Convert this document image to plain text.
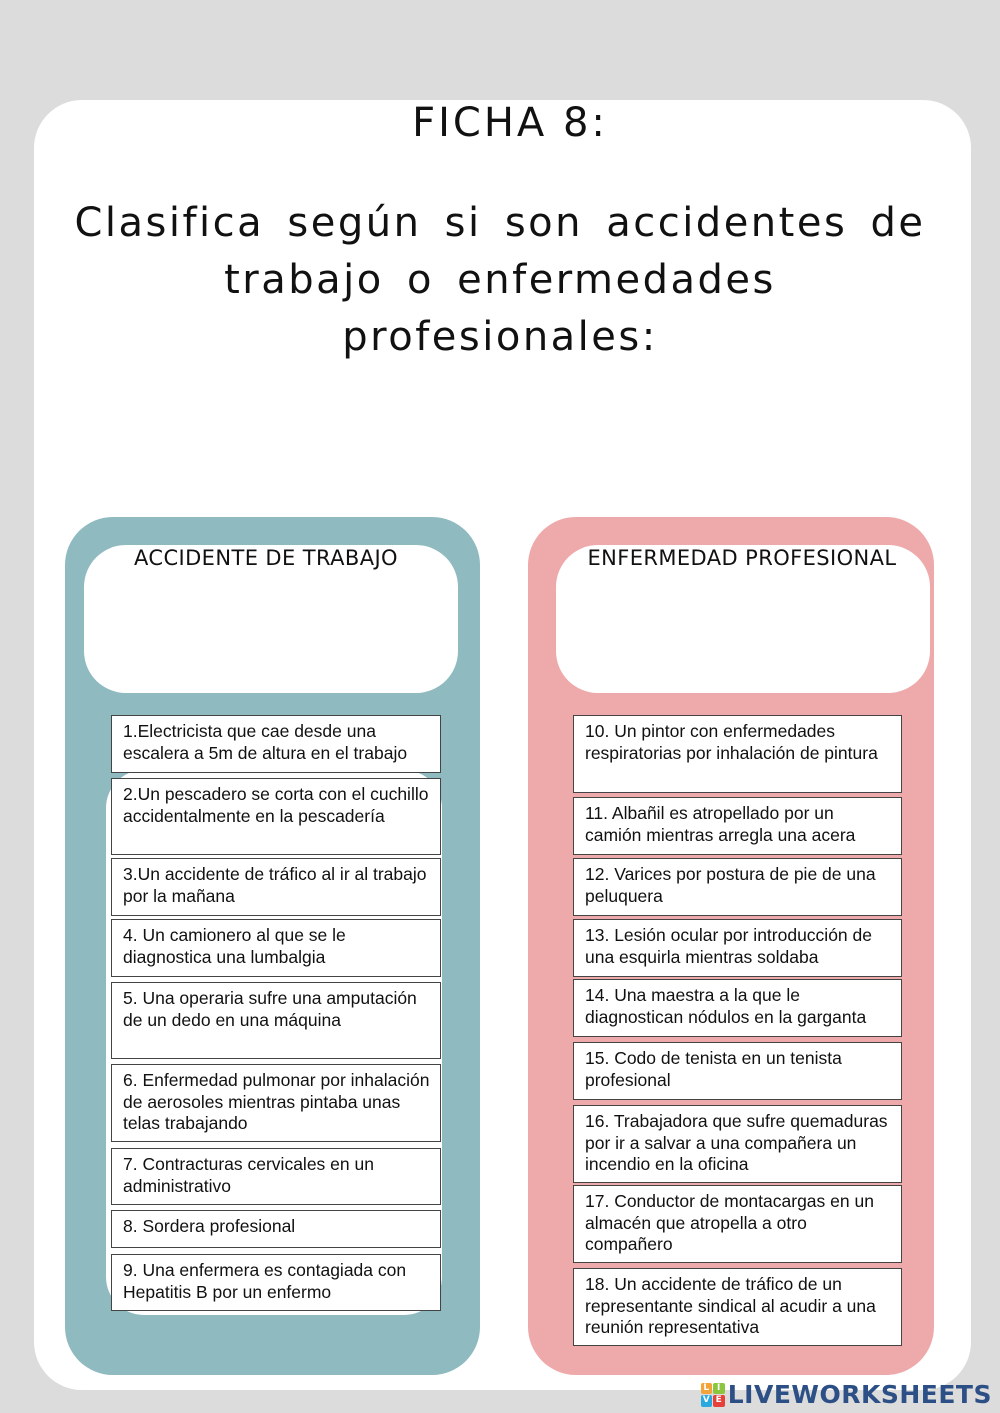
FICHA 8:

Clasifica según si son accidentes de trabajo o enfermedades profesionales:

ACCIDENTE DE TRABAJO	ENFERMEDAD PROFESIONAL
1.Electricista que cae desde una escalera a 5m de altura en el trabajo
2.Un pescadero se corta con el cuchillo accidentalmente en la pescadería
3.Un accidente de tráfico al ir al trabajo por la mañana
4. Un camionero al que se le diagnostica una lumbalgia
5. Una operaria sufre una amputación de un dedo en una máquina
6. Enfermedad pulmonar por inhalación de aerosoles mientras pintaba unas telas trabajando
7. Contracturas cervicales en un administrativo
8. Sordera profesional
9. Una enfermera es contagiada con Hepatitis B por un enfermo
10. Un pintor con enfermedades respiratorias por inhalación de pintura
11. Albañil es atropellado por un camión mientras arregla una acera
12. Varices por postura de pie de una peluquera
13. Lesión ocular por introducción de una esquirla mientras soldaba
14. Una maestra a la que le diagnostican nódulos en la garganta
15. Codo de tenista en un tenista profesional
16. Trabajadora que sufre quemaduras por ir a salvar a una compañera un incendio en la oficina
17. Conductor de montacargas en un almacén que atropella a otro compañero
18. Un accidente de tráfico de un representante sindical al acudir a una reunión representativa
L I
V E LIVEWORKSHEETS
